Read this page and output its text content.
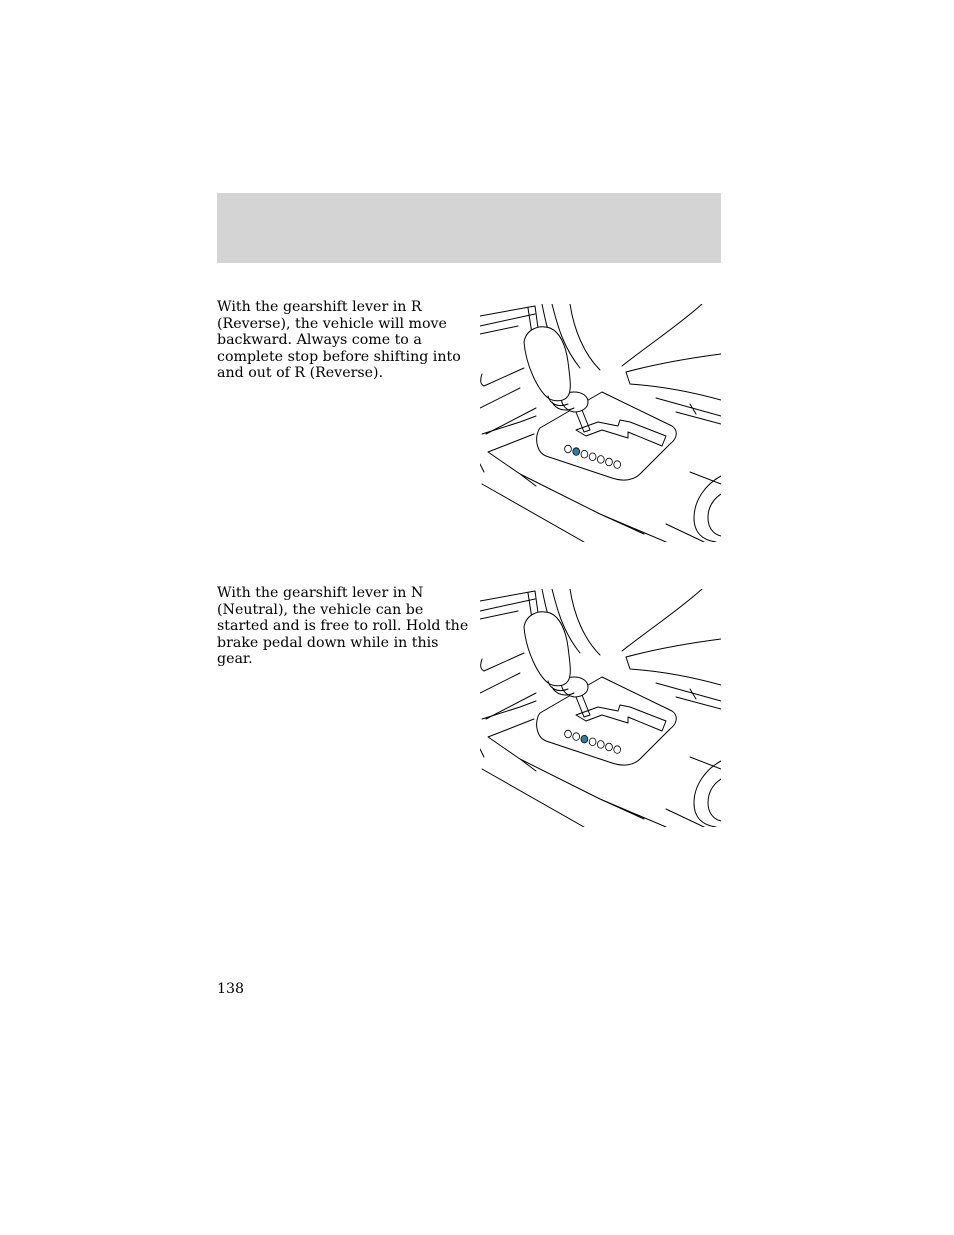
With the gearshift lever in R (Reverse), the vehicle will move backward. Always come to a complete stop before shifting into and out of R (Reverse).

With the gearshift lever in N (Neutral), the vehicle can be started and is free to roll. Hold the brake pedal down while in this gear.

138
